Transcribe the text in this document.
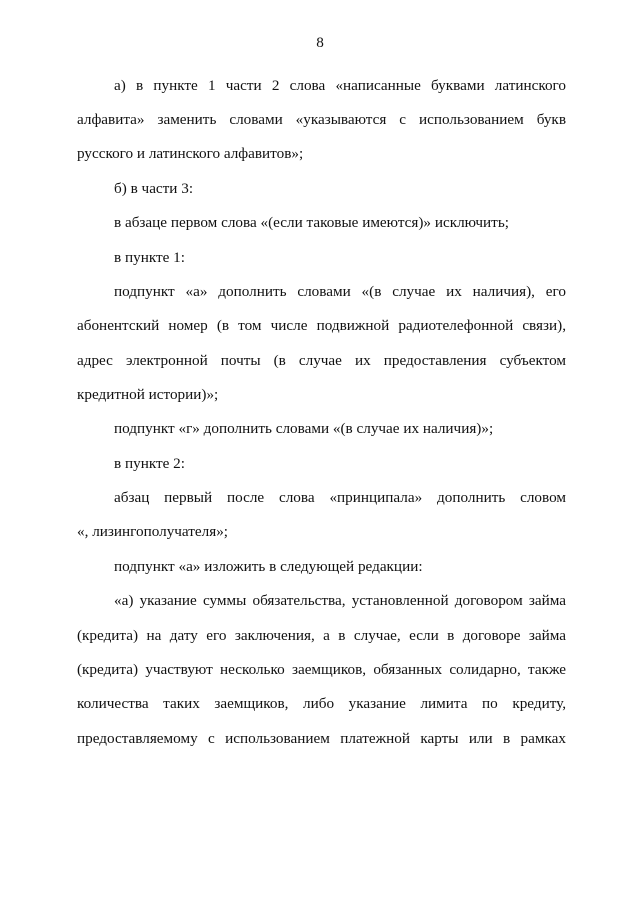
8
а) в пункте 1 части 2 слова «написанные буквами латинского
алфавита» заменить словами «указываются с использованием букв
русского и латинского алфавитов»;
б) в части 3:
в абзаце первом слова «(если таковые имеются)» исключить;
в пункте 1:
подпункт «а» дополнить словами «(в случае их наличия), его
абонентский номер (в том числе подвижной радиотелефонной связи),
адрес электронной почты (в случае их предоставления субъектом
кредитной истории)»;
подпункт «г» дополнить словами «(в случае их наличия)»;
в пункте 2:
абзац первый после слова «принципала» дополнить словом
«, лизингополучателя»;
подпункт «а» изложить в следующей редакции:
«а) указание суммы обязательства, установленной договором займа
(кредита) на дату его заключения, а в случае, если в договоре займа
(кредита) участвуют несколько заемщиков, обязанных солидарно, также
количества таких заемщиков, либо указание лимита по кредиту,
предоставляемому с использованием платежной карты или в рамках
